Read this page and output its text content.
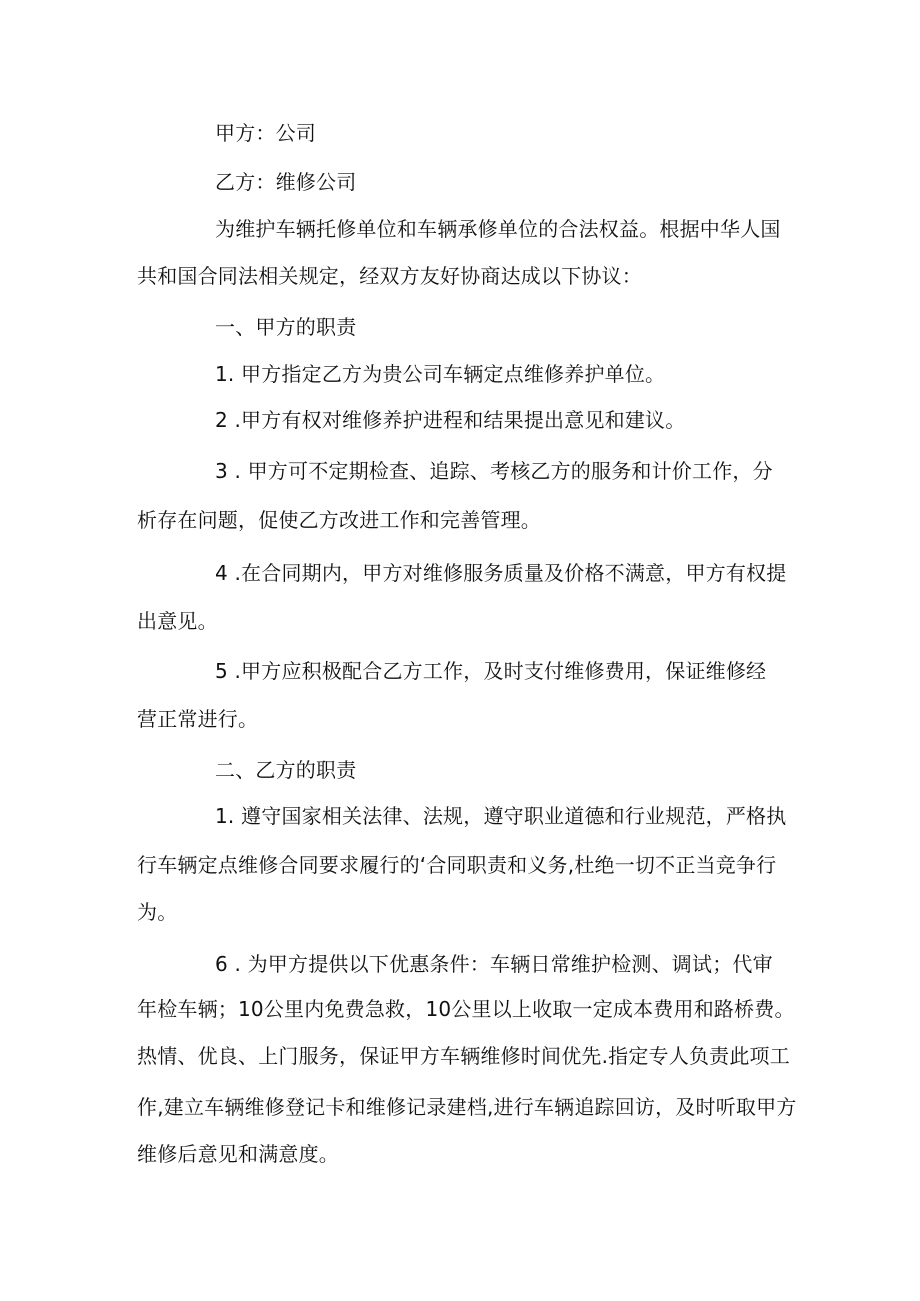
甲方：公司
乙方：维修公司
为维护车辆托修单位和车辆承修单位的合法权益。根据中华人国
共和国合同法相关规定，经双方友好协商达成以下协议：
一、甲方的职责
1. 甲方指定乙方为贵公司车辆定点维修养护单位。
2 .甲方有权对维修养护进程和结果提出意见和建议。
3 . 甲方可不定期检查、追踪、考核乙方的服务和计价工作，分
析存在问题，促使乙方改进工作和完善管理。
4 .在合同期内，甲方对维修服务质量及价格不满意，甲方有权提
出意见。
5 .甲方应积极配合乙方工作，及时支付维修费用，保证维修经
营正常进行。
二、乙方的职责
1. 遵守国家相关法律、法规，遵守职业道德和行业规范，严格执
行车辆定点维修合同要求履行的‘合同职责和义务,杜绝一切不正当竞争行
为。
6 . 为甲方提供以下优惠条件：车辆日常维护检测、调试；代审
年检车辆；10公里内免费急救，10公里以上收取一定成本费用和路桥费。
热情、优良、上门服务，保证甲方车辆维修时间优先.指定专人负责此项工
作,建立车辆维修登记卡和维修记录建档,进行车辆追踪回访，及时听取甲方
维修后意见和满意度。
